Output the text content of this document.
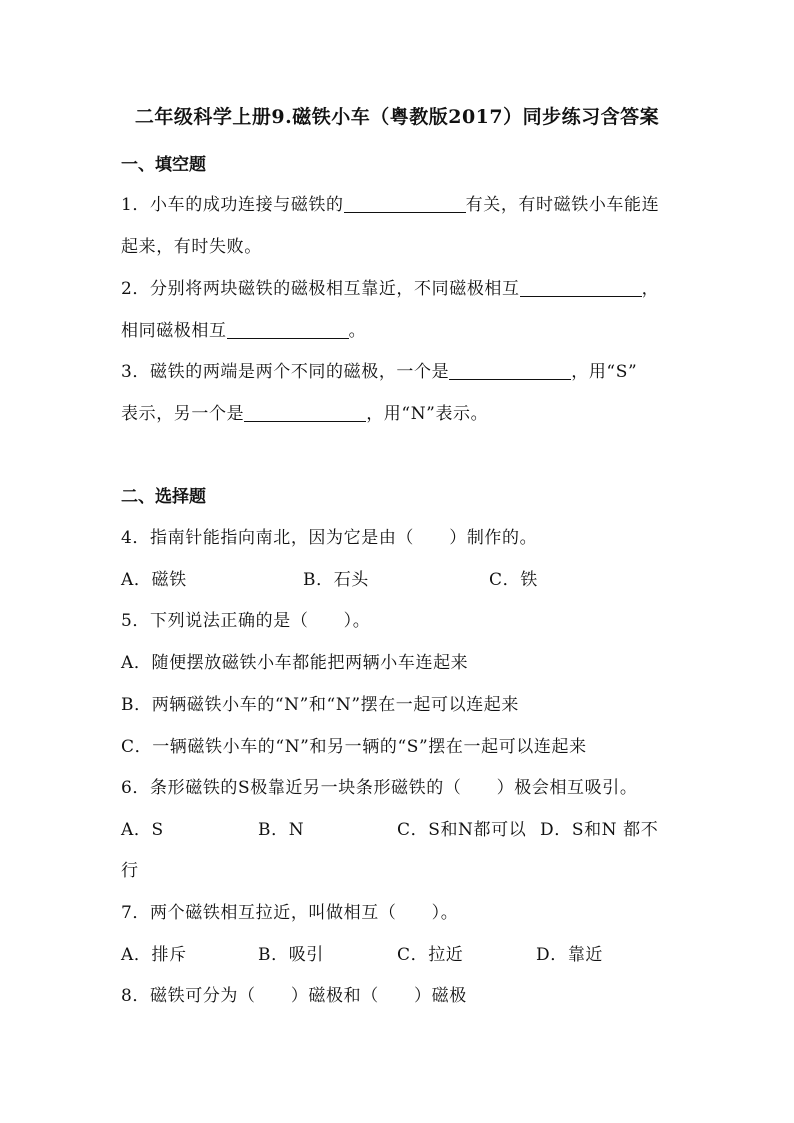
二年级科学上册9.磁铁小车（粤教版2017）同步练习含答案
一、填空题
1．小车的成功连接与磁铁的	有关，有时磁铁小车能连
起来，有时失败。
2．分别将两块磁铁的磁极相互靠近，不同磁极相互	，
相同磁极相互	。
3．磁铁的两端是两个不同的磁极，一个是	，用“S”
表示，另一个是	，用“N”表示。
二、选择题
4．指南针能指向南北，因为它是由（　　）制作的。
A．磁铁	B．石头	C．铁
5．下列说法正确的是（　　）。
A．随便摆放磁铁小车都能把两辆小车连起来
B．两辆磁铁小车的“N”和“N”摆在一起可以连起来
C．一辆磁铁小车的“N”和另一辆的“S”摆在一起可以连起来
6．条形磁铁的S极靠近另一块条形磁铁的（　　）极会相互吸引。
A．S	B．N	C．S和N都可以 D．S和N 都不
行
7．两个磁铁相互拉近，叫做相互（　　）。
A．排斥	B．吸引	C．拉近	D．靠近
8．磁铁可分为（　　）磁极和（　　）磁极
